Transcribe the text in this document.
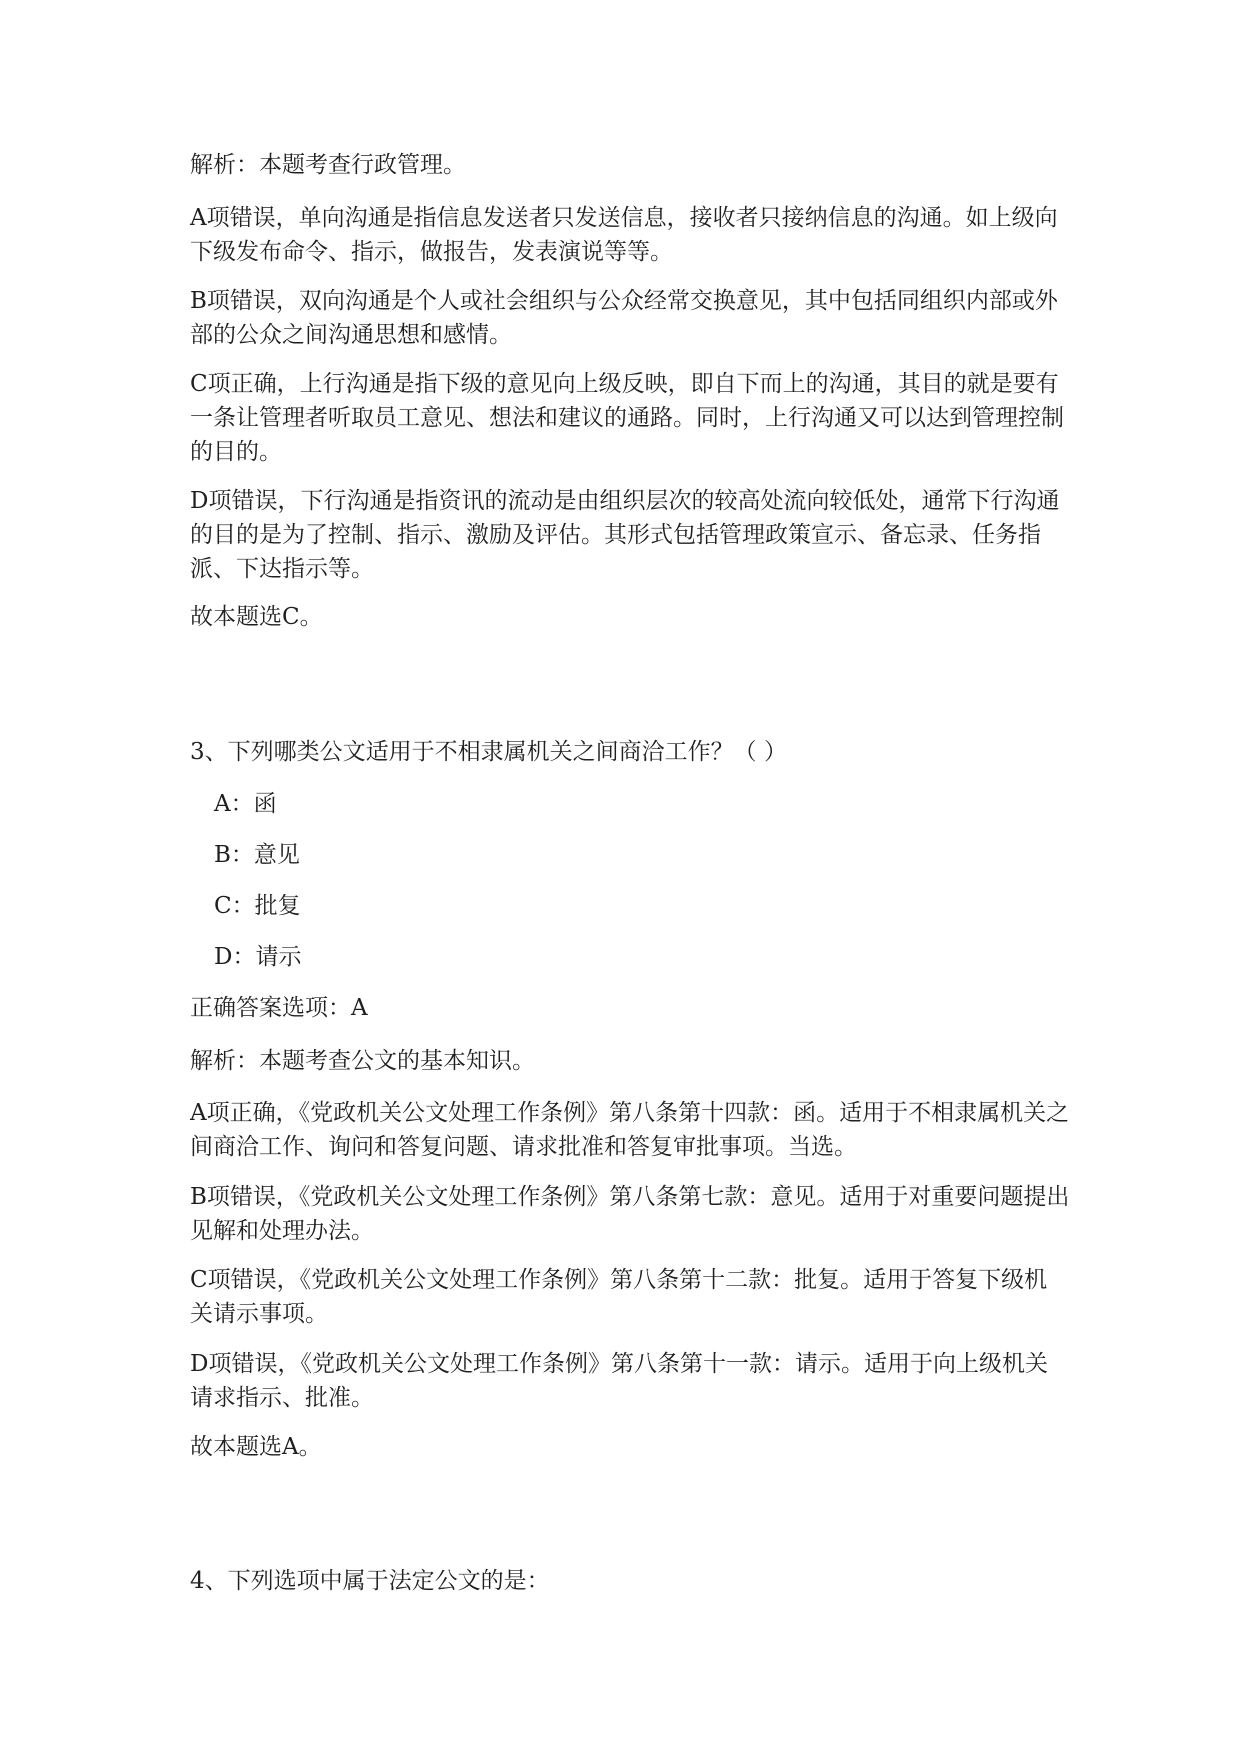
解析：本题考查行政管理。

A项错误，单向沟通是指信息发送者只发送信息，接收者只接纳信息的沟通。如上级向下级发布命令、指示，做报告，发表演说等等。

B项错误，双向沟通是个人或社会组织与公众经常交换意见，其中包括同组织内部或外部的公众之间沟通思想和感情。

C项正确，上行沟通是指下级的意见向上级反映，即自下而上的沟通，其目的就是要有一条让管理者听取员工意见、想法和建议的通路。同时，上行沟通又可以达到管理控制的目的。

D项错误，下行沟通是指资讯的流动是由组织层次的较高处流向较低处，通常下行沟通的目的是为了控制、指示、激励及评估。其形式包括管理政策宣示、备忘录、任务指派、下达指示等。

故本题选C。

3、下列哪类公文适用于不相隶属机关之间商洽工作？（ ）

A：函

B：意见

C：批复

D：请示

正确答案选项：A

解析：本题考查公文的基本知识。

A项正确，《党政机关公文处理工作条例》第八条第十四款：函。适用于不相隶属机关之间商洽工作、询问和答复问题、请求批准和答复审批事项。当选。

B项错误，《党政机关公文处理工作条例》第八条第七款：意见。适用于对重要问题提出见解和处理办法。

C项错误，《党政机关公文处理工作条例》第八条第十二款：批复。适用于答复下级机关请示事项。

D项错误，《党政机关公文处理工作条例》第八条第十一款：请示。适用于向上级机关请求指示、批准。

故本题选A。

4、下列选项中属于法定公文的是：
